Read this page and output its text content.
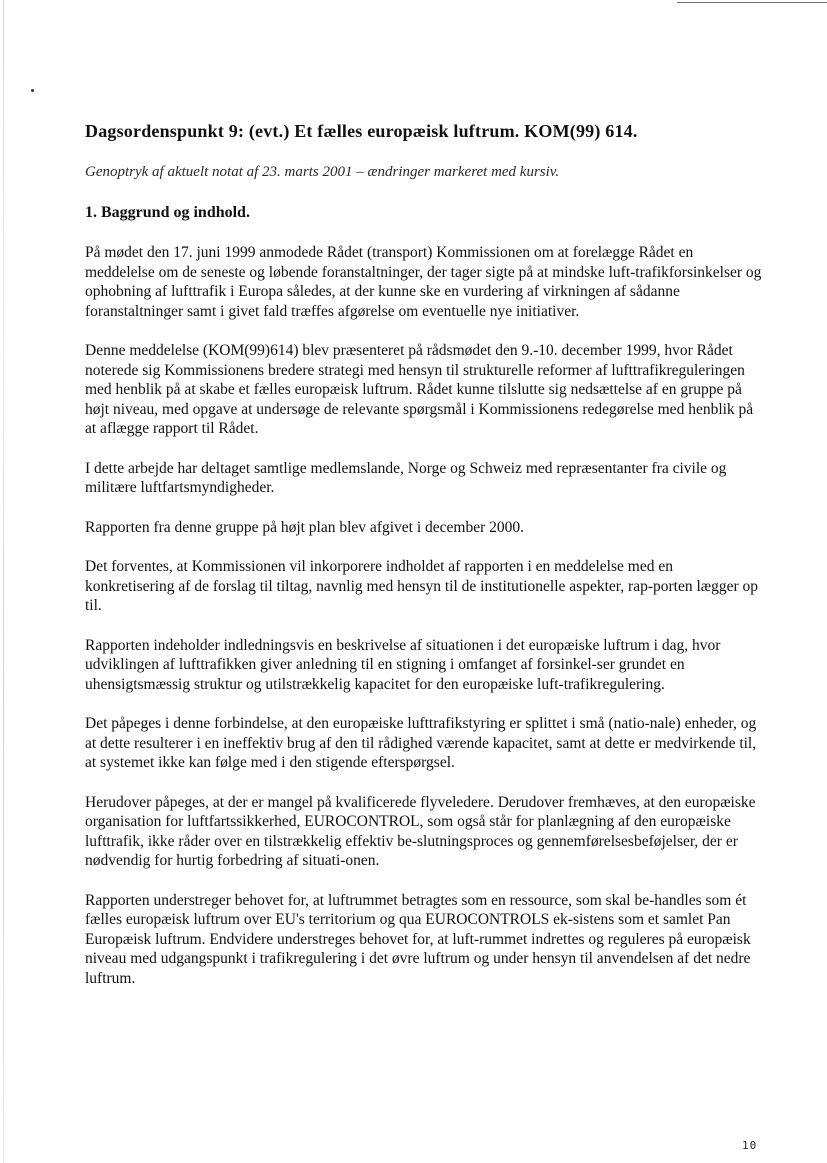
Dagsordenspunkt 9: (evt.) Et fælles europæisk luftrum. KOM(99) 614.
Genoptryk af aktuelt notat af 23. marts 2001 – ændringer markeret med kursiv.
1. Baggrund og indhold.

På mødet den 17. juni 1999 anmodede Rådet (transport) Kommissionen om at forelægge Rådet en meddelelse om de seneste og løbende foranstaltninger, der tager sigte på at mindske luft-trafikforsinkelser og ophobning af lufttrafik i Europa således, at der kunne ske en vurdering af virkningen af sådanne foranstaltninger samt i givet fald træffes afgørelse om eventuelle nye initiativer.

Denne meddelelse (KOM(99)614) blev præsenteret på rådsmødet den 9.-10. december 1999, hvor Rådet noterede sig Kommissionens bredere strategi med hensyn til strukturelle reformer af lufttrafikreguleringen med henblik på at skabe et fælles europæisk luftrum. Rådet kunne tilslutte sig nedsættelse af en gruppe på højt niveau, med opgave at undersøge de relevante spørgsmål i Kommissionens redegørelse med henblik på at aflægge rapport til Rådet.

I dette arbejde har deltaget samtlige medlemslande, Norge og Schweiz med repræsentanter fra civile og militære luftfartsmyndigheder.

Rapporten fra denne gruppe på højt plan blev afgivet i december 2000.

Det forventes, at Kommissionen vil inkorporere indholdet af rapporten i en meddelelse med en konkretisering af de forslag til tiltag, navnlig med hensyn til de institutionelle aspekter, rap-porten lægger op til.

Rapporten indeholder indledningsvis en beskrivelse af situationen i det europæiske luftrum i dag, hvor udviklingen af lufttrafikken giver anledning til en stigning i omfanget af forsinkel-ser grundet en uhensigtsmæssig struktur og utilstrækkelig kapacitet for den europæiske luft-trafikregulering.

Det påpeges i denne forbindelse, at den europæiske lufttrafikstyring er splittet i små (natio-nale) enheder, og at dette resulterer i en ineffektiv brug af den til rådighed værende kapacitet, samt at dette er medvirkende til, at systemet ikke kan følge med i den stigende efterspørgsel.

Herudover påpeges, at der er mangel på kvalificerede flyveledere. Derudover fremhæves, at den europæiske organisation for luftfartssikkerhed, EUROCONTROL, som også står for planlægning af den europæiske lufttrafik, ikke råder over en tilstrækkelig effektiv be-slutningsproces og gennemførelsesbeføjelser, der er nødvendig for hurtig forbedring af situati-onen.

Rapporten understreger behovet for, at luftrummet betragtes som en ressource, som skal be-handles som ét fælles europæisk luftrum over EU's territorium og qua EUROCONTROLS ek-sistens som et samlet Pan Europæisk luftrum. Endvidere understreges behovet for, at luft-rummet indrettes og reguleres på europæisk niveau med udgangspunkt i trafikregulering i det øvre luftrum og under hensyn til anvendelsen af det nedre luftrum.

10
